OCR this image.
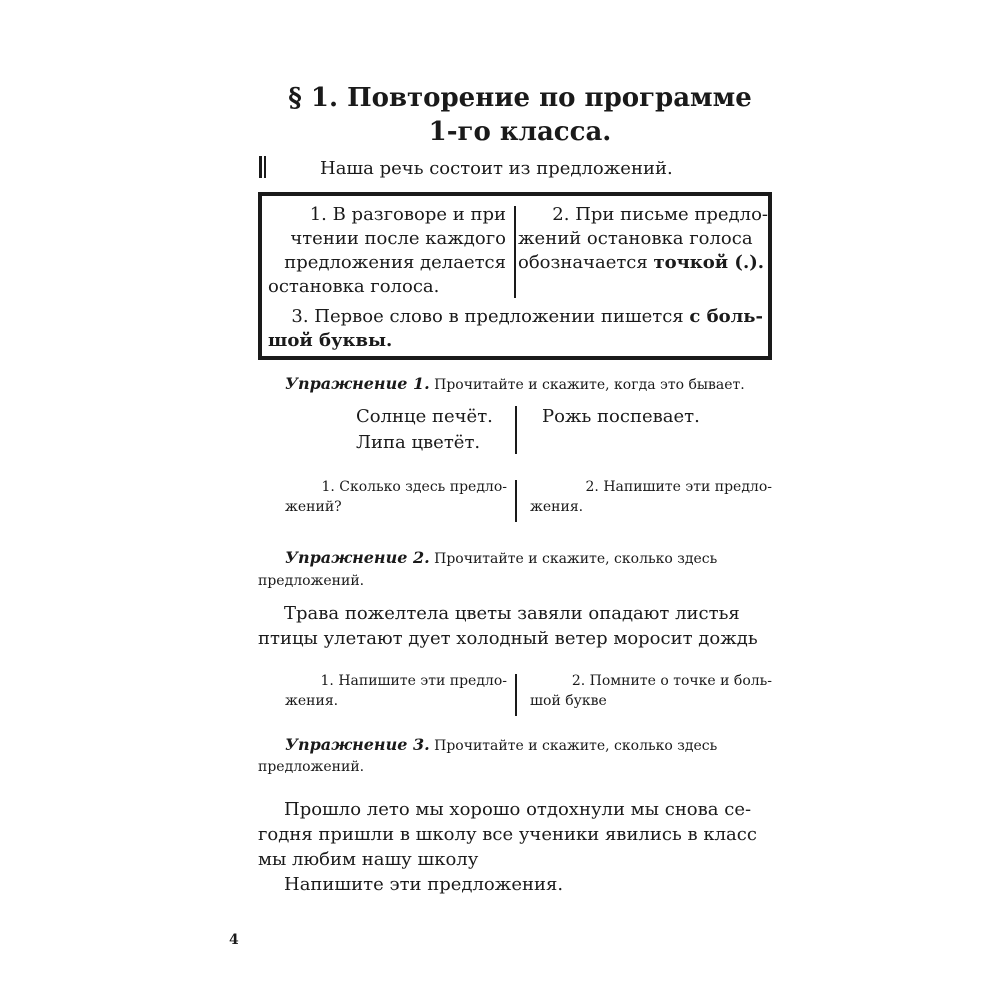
§ 1. Повторение по программе
1-го класса.
Наша речь состоит из предложений.
1. В разговоре и при
чтении после каждого
предложения делается
остановка голоса.
2. При письме предло-
жений остановка голоса
обозначается точкой (.).
3. Первое слово в предложении пишется с боль-
шой буквы.
Упражнение 1. Прочитайте и скажите, когда это бывает.
Солнце печёт.
Липа цветёт.
Рожь поспевает.
1. Сколько здесь предло-
жений?
2. Напишите эти предло-
жения.
Упражнение 2. Прочитайте и скажите, сколько здесь
предложений.
Трава пожелтела цветы завяли опадают листья
птицы улетают дует холодный ветер моросит дождь
1. Напишите эти предло-
жения.
2. Помните о точке и боль-
шой букве
Упражнение 3. Прочитайте и скажите, сколько здесь
предложений.
Прошло лето мы хорошо отдохнули мы снова се-
годня пришли в школу все ученики явились в класс
мы любим нашу школу
Напишите эти предложения.
4
